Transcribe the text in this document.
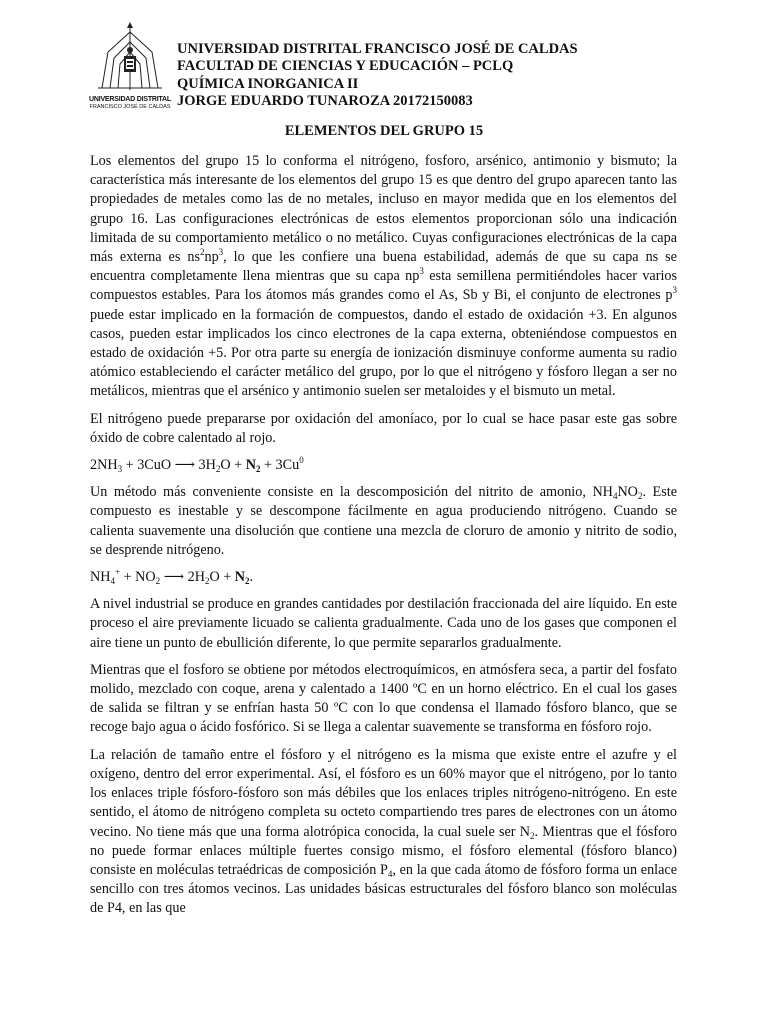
UNIVERSIDAD DISTRITAL
FRANCISCO JOSÉ DE CALDAS
UNIVERSIDAD DISTRITAL FRANCISCO JOSÉ DE CALDAS
FACULTAD DE CIENCIAS Y EDUCACIÓN – PCLQ
QUÍMICA INORGANICA II
JORGE EDUARDO TUNAROZA 20172150083
ELEMENTOS DEL GRUPO 15

Los elementos del grupo 15 lo conforma el nitrógeno, fosforo, arsénico, antimonio y bismuto; la característica más interesante de los elementos del grupo 15 es que dentro del grupo aparecen tanto las propiedades de metales como las de no metales, incluso en mayor medida que en los elementos del grupo 16. Las configuraciones electrónicas de estos elementos proporcionan sólo una indicación limitada de su comportamiento metálico o no metálico. Cuyas configuraciones electrónicas de la capa más externa es $ns^2np^3$, lo que les confiere una buena estabilidad, además de que su capa ns se encuentra completamente llena mientras que su capa $np^3$ esta semillena permitiéndoles hacer varios compuestos estables. Para los átomos más grandes como el As, Sb y Bi, el conjunto de electrones $p^3$ puede estar implicado en la formación de compuestos, dando el estado de oxidación +3. En algunos casos, pueden estar implicados los cinco electrones de la capa externa, obteniéndose compuestos en estado de oxidación +5. Por otra parte su energía de ionización disminuye conforme aumenta su radio atómico estableciendo el carácter metálico del grupo, por lo que el nitrógeno y fósforo llegan a ser no metálicos, mientras que el arsénico y antimonio suelen ser metaloides y el bismuto un metal.

El nitrógeno puede prepararse por oxidación del amoníaco, por lo cual se hace pasar este gas sobre óxido de cobre calentado al rojo.

$2NH_3 + 3CuO$ ⟶ $3H_2O + N_2 + 3Cu^0$

Un método más conveniente consiste en la descomposición del nitrito de amonio, $NH_4NO_2$. Este compuesto es inestable y se descompone fácilmente en agua produciendo nitrógeno. Cuando se calienta suavemente una disolución que contiene una mezcla de cloruro de amonio y nitrito de sodio, se desprende nitrógeno.

$NH_4^+ + NO_2$ ⟶ $2H_2O + N_2$.

A nivel industrial se produce en grandes cantidades por destilación fraccionada del aire líquido. En este proceso el aire previamente licuado se calienta gradualmente. Cada uno de los gases que componen el aire tiene un punto de ebullición diferente, lo que permite separarlos gradualmente.

Mientras que el fosforo se obtiene por métodos electroquímicos, en atmósfera seca, a partir del fosfato molido, mezclado con coque, arena y calentado a 1400 ºC en un horno eléctrico. En el cual los gases de salida se filtran y se enfrían hasta 50 ºC con lo que condensa el llamado fósforo blanco, que se recoge bajo agua o ácido fosfórico. Si se llega a calentar suavemente se transforma en fósforo rojo.

La relación de tamaño entre el fósforo y el nitrógeno es la misma que existe entre el azufre y el oxígeno, dentro del error experimental. Así, el fósforo es un 60% mayor que el nitrógeno, por lo tanto los enlaces triple fósforo-fósforo son más débiles que los enlaces triples nitrógeno-nitrógeno. En este sentido, el átomo de nitrógeno completa su octeto compartiendo tres pares de electrones con un átomo vecino. No tiene más que una forma alotrópica conocida, la cual suele ser $N_2$. Mientras que el fósforo no puede formar enlaces múltiple fuertes consigo mismo, el fósforo elemental (fósforo blanco) consiste en moléculas tetraédricas de composición $P_4$, en la que cada átomo de fósforo forma un enlace sencillo con tres átomos vecinos. Las unidades básicas estructurales del fósforo blanco son moléculas de P4, en las que
